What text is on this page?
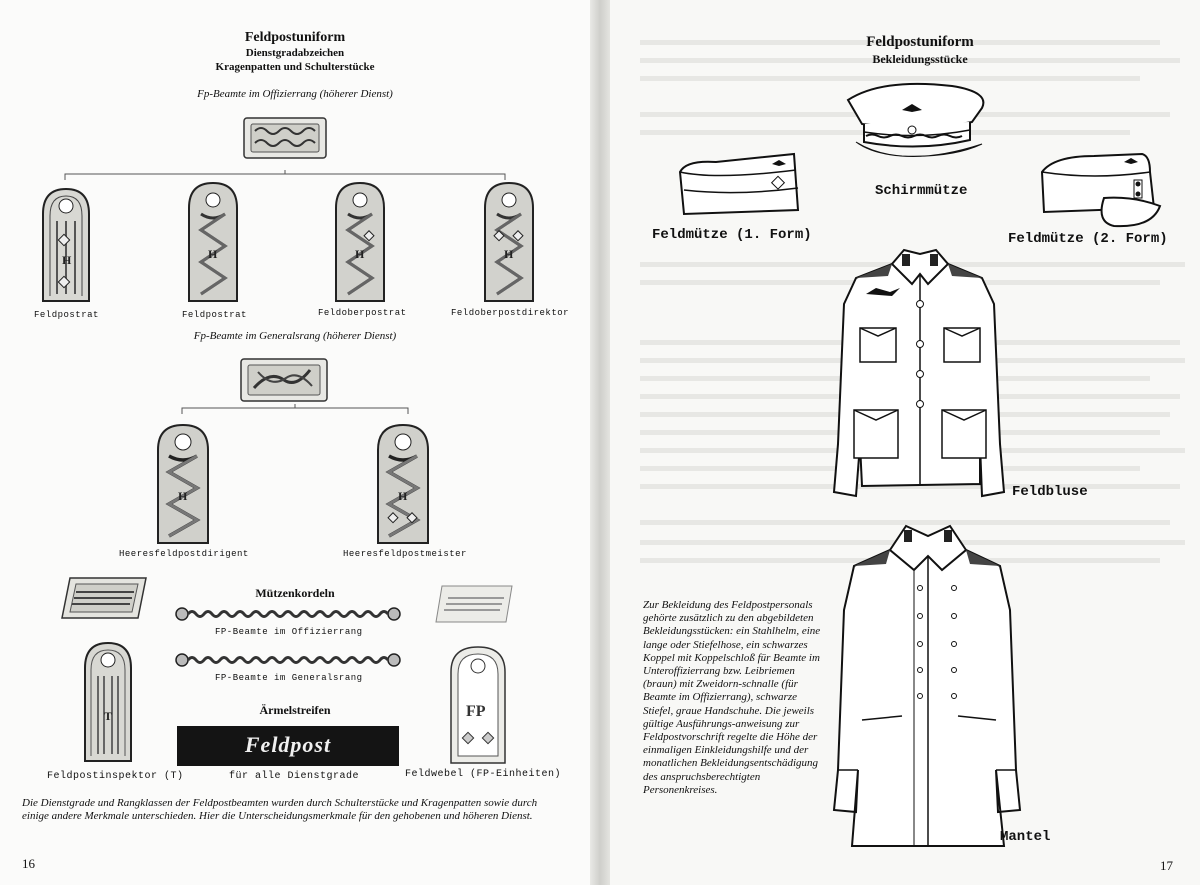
Feldpostuniform
Dienstgradabzeichen
Kragenpatten und Schulterstücke
Fp-Beamte im Offizierrang (höherer Dienst)
H	H	H	H
Feldpostrat	Feldpostrat	Feldoberpostrat	Feldoberpostdirektor
Fp-Beamte im Generalsrang (höherer Dienst)
H	H
Heeresfeldpostdirigent	Heeresfeldpostmeister
Mützenkordeln
FP-Beamte im Offizierrang
FP-Beamte im Generalsrang
Ärmelstreifen
Feldpost
T	FP
Feldpostinspektor (T)	für alle Dienstgrade	Feldwebel (FP-Einheiten)
Die Dienstgrade und Rangklassen der Feldpostbeamten wurden durch Schulterstücke und Kragenpatten sowie durch einige andere Merkmale unterschieden. Hier die Unterscheidungsmerkmale für den gehobenen und höheren Dienst.
16
Feldpostuniform
Bekleidungsstücke
Schirmmütze
Feldmütze (1. Form)	Feldmütze (2. Form)
Feldbluse
Mantel
Zur Bekleidung des Feldpostpersonals gehörte zusätzlich zu den abgebildeten Bekleidungsstücken: ein Stahlhelm, eine lange oder Stiefelhose, ein schwarzes Koppel mit Koppelschloß für Beamte im Unteroffizierrang bzw. Leibriemen (braun) mit Zweidorn-schnalle (für Beamte im Offizierrang), schwarze Stiefel, graue Handschuhe. Die jeweils gültige Ausführungs-anweisung zur Feldpostvorschrift regelte die Höhe der einmaligen Einkleidungshilfe und der monatlichen Bekleidungsentschädigung des anspruchsberechtigten Personenkreises.
17
